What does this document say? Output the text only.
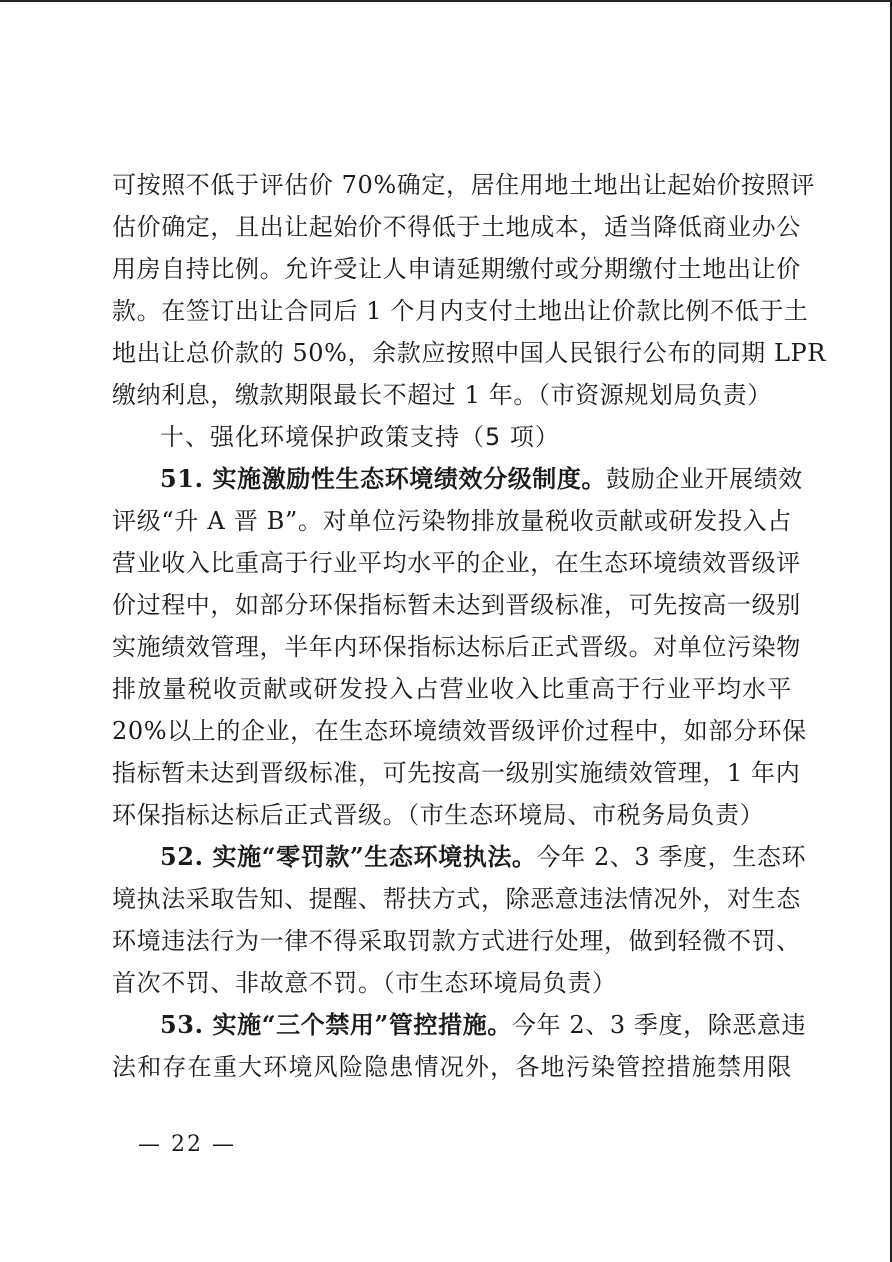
可按照不低于评估价 70%确定，居住用地土地出让起始价按照评
估价确定，且出让起始价不得低于土地成本，适当降低商业办公
用房自持比例。允许受让人申请延期缴付或分期缴付土地出让价
款。在签订出让合同后 1 个月内支付土地出让价款比例不低于土
地出让总价款的 50%，余款应按照中国人民银行公布的同期 LPR
缴纳利息，缴款期限最长不超过 1 年。（市资源规划局负责）
十、强化环境保护政策支持（5 项）
51. 实施激励性生态环境绩效分级制度。鼓励企业开展绩效
评级“升 A 晋 B”。对单位污染物排放量税收贡献或研发投入占
营业收入比重高于行业平均水平的企业，在生态环境绩效晋级评
价过程中，如部分环保指标暂未达到晋级标准，可先按高一级别
实施绩效管理，半年内环保指标达标后正式晋级。对单位污染物
排放量税收贡献或研发投入占营业收入比重高于行业平均水平
20%以上的企业，在生态环境绩效晋级评价过程中，如部分环保
指标暂未达到晋级标准，可先按高一级别实施绩效管理，1 年内
环保指标达标后正式晋级。（市生态环境局、市税务局负责）
52. 实施“零罚款”生态环境执法。今年 2、3 季度，生态环
境执法采取告知、提醒、帮扶方式，除恶意违法情况外，对生态
环境违法行为一律不得采取罚款方式进行处理，做到轻微不罚、
首次不罚、非故意不罚。（市生态环境局负责）
53. 实施“三个禁用”管控措施。今年 2、3 季度，除恶意违
法和存在重大环境风险隐患情况外，各地污染管控措施禁用限
— 22 —
